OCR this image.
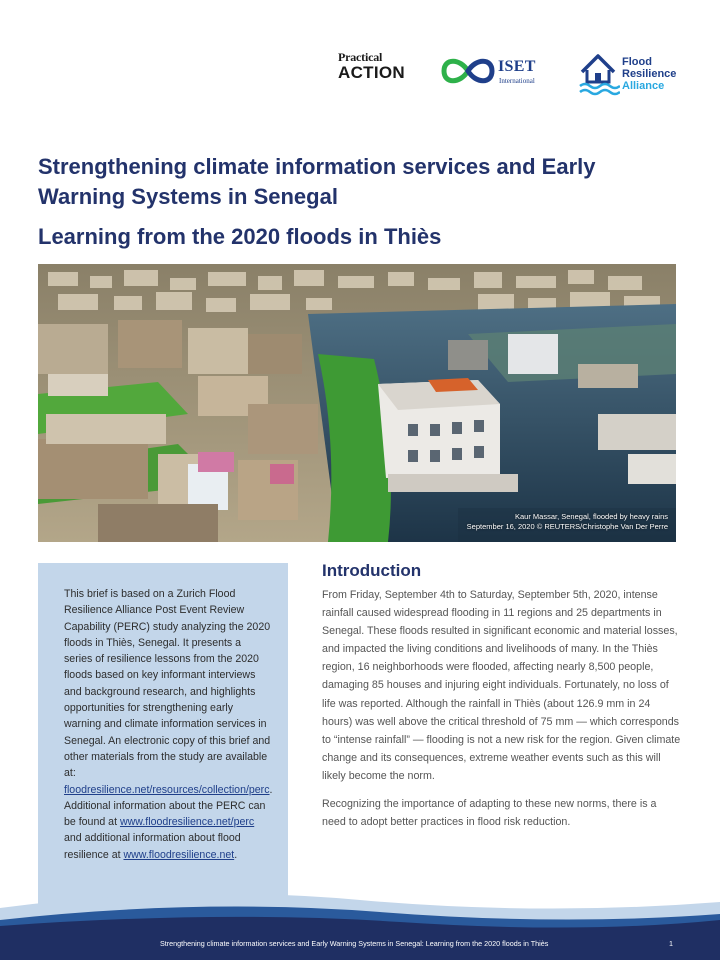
Practical
ACTION	ISET
International
Flood
Resilience
Alliance
Strengthening climate information services and Early Warning Systems in Senegal
Learning from the 2020 floods in Thiès
Kaur Massar, Senegal, flooded by heavy rains
September 16, 2020 © REUTERS/Christophe Van Der Perre

This brief is based on a Zurich Flood Resilience Alliance Post Event Review Capability (PERC) study analyzing the 2020 floods in Thiès, Senegal. It presents a series of resilience lessons from the 2020 floods based on key informant interviews and background research, and highlights opportunities for strengthening early warning and climate information services in Senegal. An electronic copy of this brief and other materials from the study are available at: floodresilience.net/resources/collection/perc. Additional information about the PERC can be found at www.floodresilience.net/perc and additional information about flood resilience at www.floodresilience.net.

Introduction

From Friday, September 4th to Saturday, September 5th, 2020, intense rainfall caused widespread flooding in 11 regions and 25 departments in Senegal. These floods resulted in significant economic and material losses, and impacted the living conditions and livelihoods of many. In the Thiès region, 16 neighborhoods were flooded, affecting nearly 8,500 people, damaging 85 houses and injuring eight individuals. Fortunately, no loss of life was reported. Although the rainfall in Thiès (about 126.9 mm in 24 hours) was well above the critical threshold of 75 mm — which corresponds to “intense rainfall” — flooding is not a new risk for the region. Given climate change and its consequences, extreme weather events such as this will likely become the norm.

Recognizing the importance of adapting to these new norms, there is a need to adopt better practices in flood risk reduction.

Strengthening climate information services and Early Warning Systems in Senegal: Learning from the 2020 floods in Thiès	1
